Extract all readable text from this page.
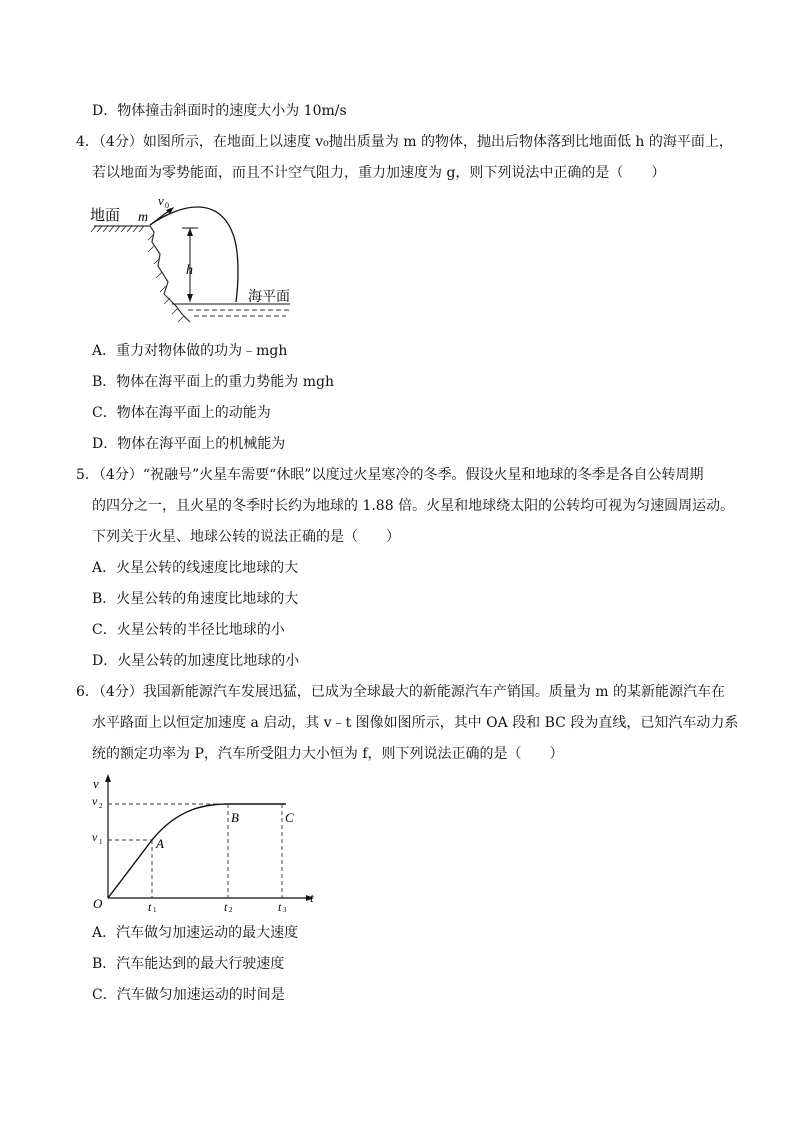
D．物体撞击斜面时的速度大小为 10m/s
4．（4分）如图所示，在地面上以速度 v₀抛出质量为 m 的物体，抛出后物体落到比地面低 h 的海平面上，
若以地面为零势能面，而且不计空气阻力，重力加速度为 g，则下列说法中正确的是（　　）
地面 m
v 0
h
海平面
A．重力对物体做的功为﹣mgh
B．物体在海平面上的重力势能为 mgh
C．物体在海平面上的动能为
D．物体在海平面上的机械能为
5．（4分）“祝融号”火星车需要“休眠”以度过火星寒冷的冬季。假设火星和地球的冬季是各自公转周期
的四分之一，且火星的冬季时长约为地球的 1.88 倍。火星和地球绕太阳的公转均可视为匀速圆周运动。
下列关于火星、地球公转的说法正确的是（　　）
A．火星公转的线速度比地球的大
B．火星公转的角速度比地球的大
C．火星公转的半径比地球的小
D．火星公转的加速度比地球的小
6．（4分）我国新能源汽车发展迅猛，已成为全球最大的新能源汽车产销国。质量为 m 的某新能源汽车在
水平路面上以恒定加速度 a 启动，其 v﹣t 图像如图所示，其中 OA 段和 BC 段为直线，已知汽车动力系
统的额定功率为 P，汽车所受阻力大小恒为 f，则下列说法正确的是（　　）
v
t
O
v 2
v 1	A
B	C
t 1	t 2	t 3
A．汽车做匀加速运动的最大速度
B．汽车能达到的最大行驶速度
C．汽车做匀加速运动的时间是
